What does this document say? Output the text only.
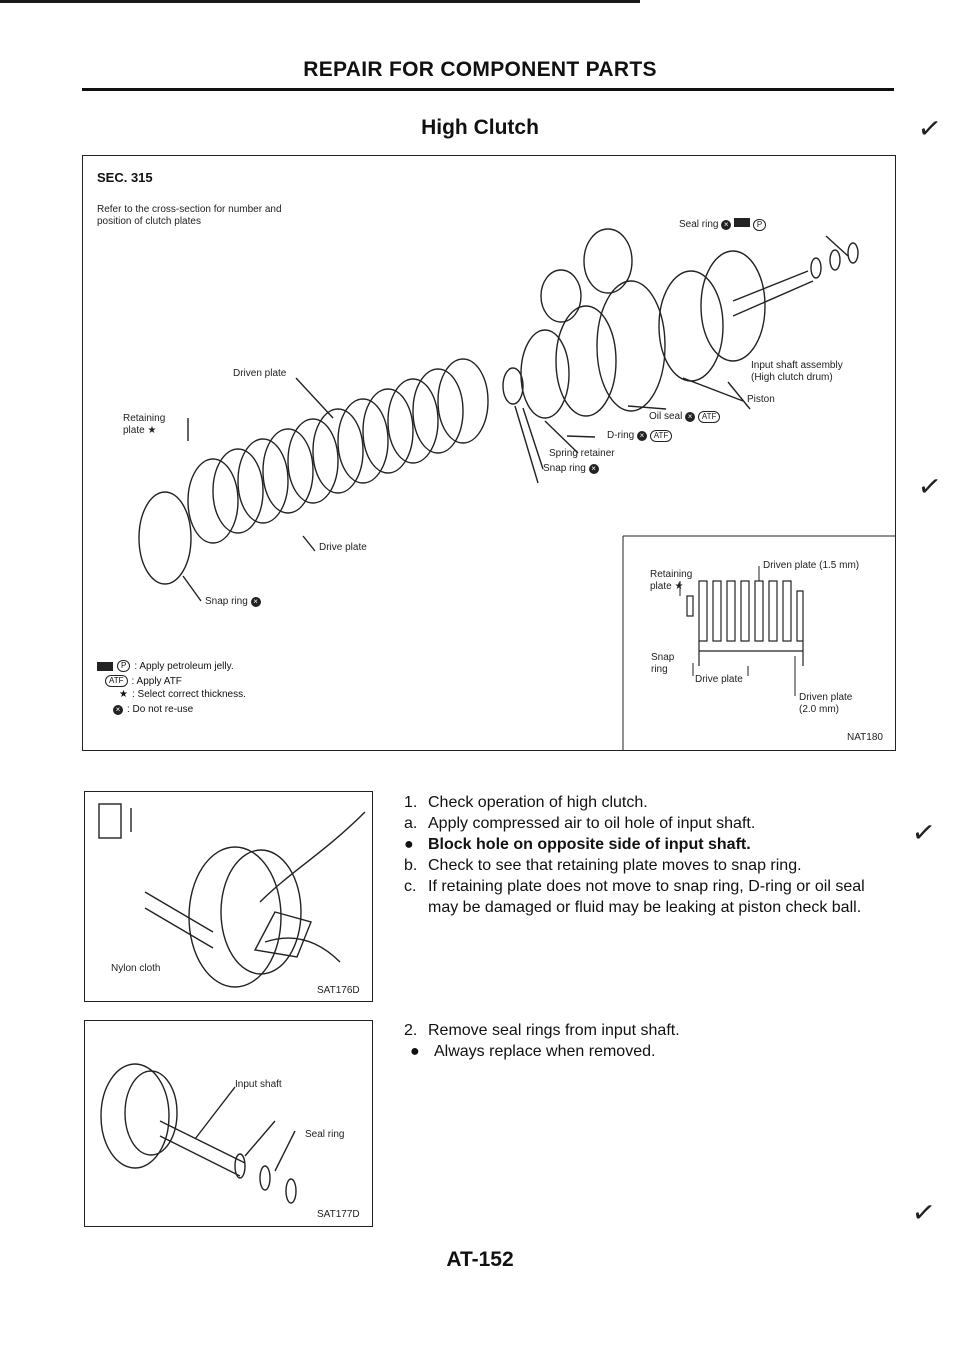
REPAIR FOR COMPONENT PARTS
High Clutch	✓
✓
✓
✓
SEC. 315
Refer to the cross-section for number and
position of clutch plates
Driven plate
Retaining
plate ★
Drive plate
Snap ring ×
Seal ring ×	P
Input shaft assembly
(High clutch drum)
Piston
Oil seal × ATF
D-ring × ATF
Spring retainer
Snap ring ×
P : Apply petroleum jelly.
ATF : Apply ATF
★ : Select correct thickness.
× : Do not re-use
Retaining
plate ★
Driven plate (1.5 mm)
Snap
ring
Drive plate
Driven plate
(2.0 mm)
NAT180
Nylon cloth
SAT176D
Input shaft
Seal ring
SAT177D
1. Check operation of high clutch.
a. Apply compressed air to oil hole of input shaft.
● Block hole on opposite side of input shaft.
b. Check to see that retaining plate moves to snap ring.
c. If retaining plate does not move to snap ring, D-ring or oil seal
may be damaged or fluid may be leaking at piston check ball.
2. Remove seal rings from input shaft.
● Always replace when removed.
AT-152
